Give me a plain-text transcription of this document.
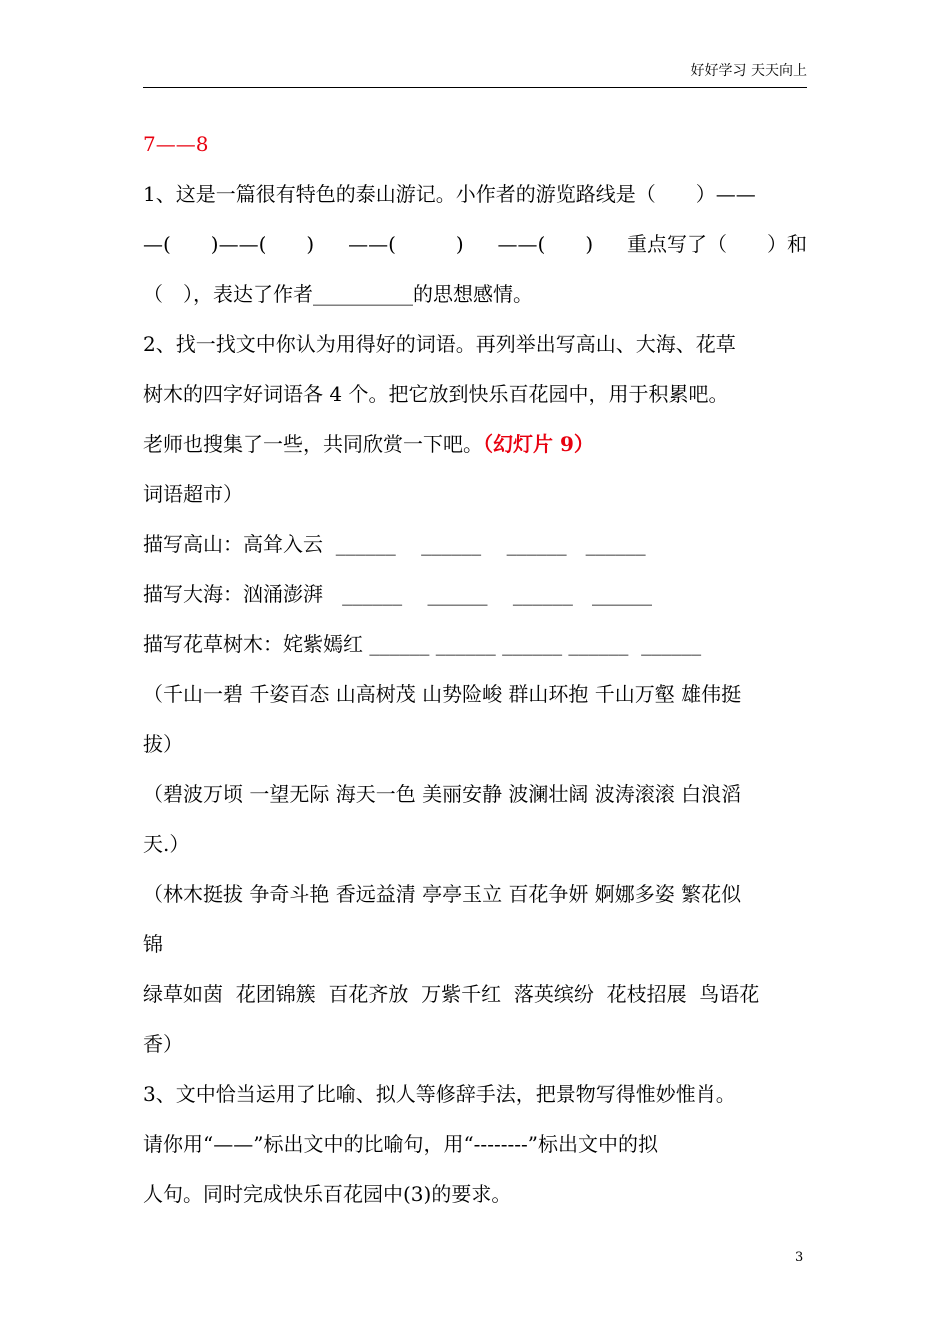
好好学习 天天向上
7——8
1、这是一篇很有特色的泰山游记。小作者的游览路线是（　　）——
—(　　)——(　　) ——(　　　) ——(　　) 重点写了（　　）和
（　），表达了作者__________的思想感情。
2、找一找文中你认为用得好的词语。再列举出写高山、大海、花草
树木的四字好词语各 4 个。把它放到快乐百花园中，用于积累吧。
老师也搜集了一些，共同欣赏一下吧。（幻灯片 9）
词语超市）
描写高山：高耸入云  ______    ______    ______   ______
描写大海：汹涌澎湃   ______    ______    ______   ______
描写花草树木：姹紫嫣红 ______ ______ ______ ______  ______
（千山一碧 千姿百态 山高树茂 山势险峻 群山环抱 千山万壑 雄伟挺
拔）
（碧波万顷 一望无际 海天一色 美丽安静 波澜壮阔 波涛滚滚 白浪滔
天.）
（林木挺拔 争奇斗艳 香远益清 亭亭玉立 百花争妍 婀娜多姿 繁花似
锦
绿草如茵  花团锦簇  百花齐放  万紫千红  落英缤纷  花枝招展  鸟语花
香）
3、文中恰当运用了比喻、拟人等修辞手法，把景物写得惟妙惟肖。
请你用“——”标出文中的比喻句，用“--------”标出文中的拟
人句。同时完成快乐百花园中(3)的要求。
3
